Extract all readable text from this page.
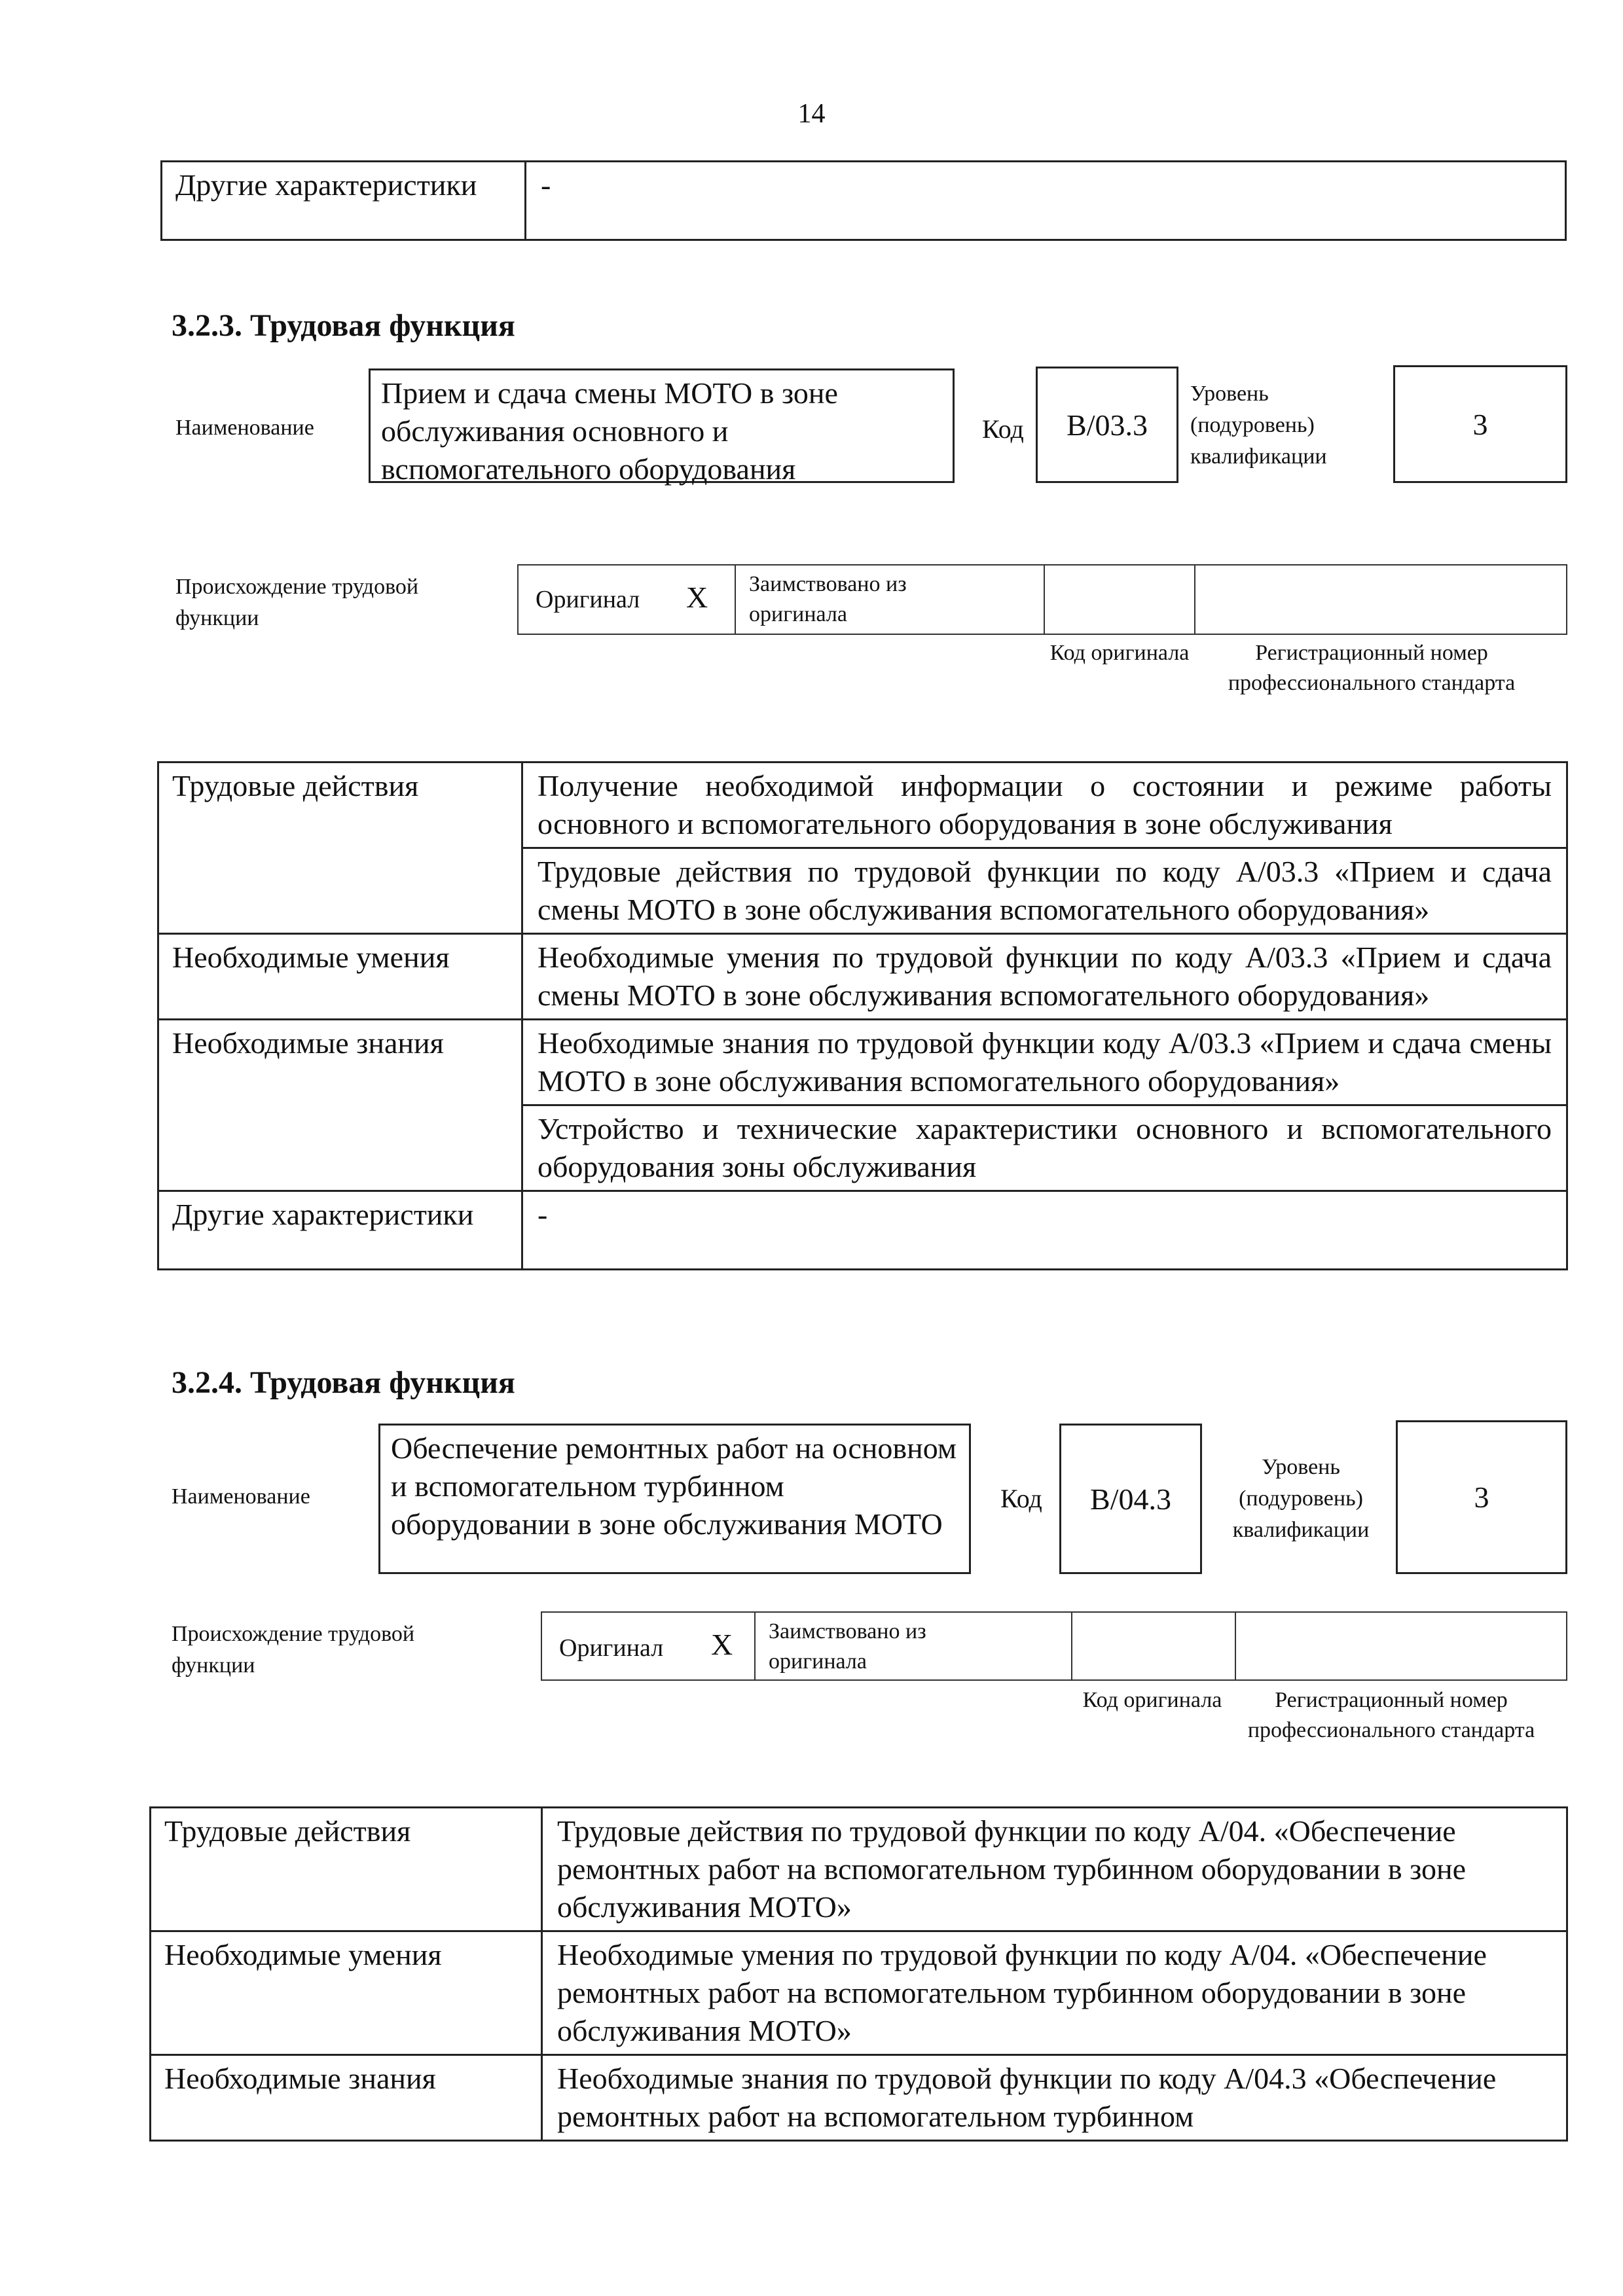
14
Другие характеристики	-
3.2.3. Трудовая функция
Наименование
Прием и сдача смены МОТО в зоне обслуживания основного и вспомогательного оборудования
Код B/03.3
Уровень (подуровень) квалификации
3
Происхождение трудовой функции
Оригинал X Заимствовано из оригинала
Код оригинала	Регистрационный номер профессионального стандарта
Трудовые действия	Получение необходимой информации о состоянии и режиме работы основного и вспомогательного оборудования в зоне обслуживания
	Трудовые действия по трудовой функции по коду A/03.3 «Прием и сдача смены МОТО в зоне обслуживания вспомогательного оборудования»
Необходимые умения	Необходимые умения по трудовой функции по коду A/03.3 «Прием и сдача смены МОТО в зоне обслуживания вспомогательного оборудования»
Необходимые знания	Необходимые знания по трудовой функции коду A/03.3 «Прием и сдача смены МОТО в зоне обслуживания вспомогательного оборудования»
	Устройство и технические характеристики основного и вспомогательного оборудования зоны обслуживания
Другие характеристики	-
3.2.4. Трудовая функция
Наименование
Обеспечение ремонтных работ на основном и вспомогательном турбинном оборудовании в зоне обслуживания МОТО
Код B/04.3
Уровень (подуровень) квалификации
3
Происхождение трудовой функции
Оригинал X Заимствовано из оригинала
Код оригинала	Регистрационный номер профессионального стандарта
Трудовые действия	Трудовые действия по трудовой функции по коду A/04. «Обеспечение ремонтных работ на вспомогательном турбинном оборудовании в зоне обслуживания МОТО»
Необходимые умения	Необходимые умения по трудовой функции по коду A/04. «Обеспечение ремонтных работ на вспомогательном турбинном оборудовании в зоне обслуживания МОТО»
Необходимые знания	Необходимые знания по трудовой функции по коду A/04.3 «Обеспечение ремонтных работ на вспомогательном турбинном
